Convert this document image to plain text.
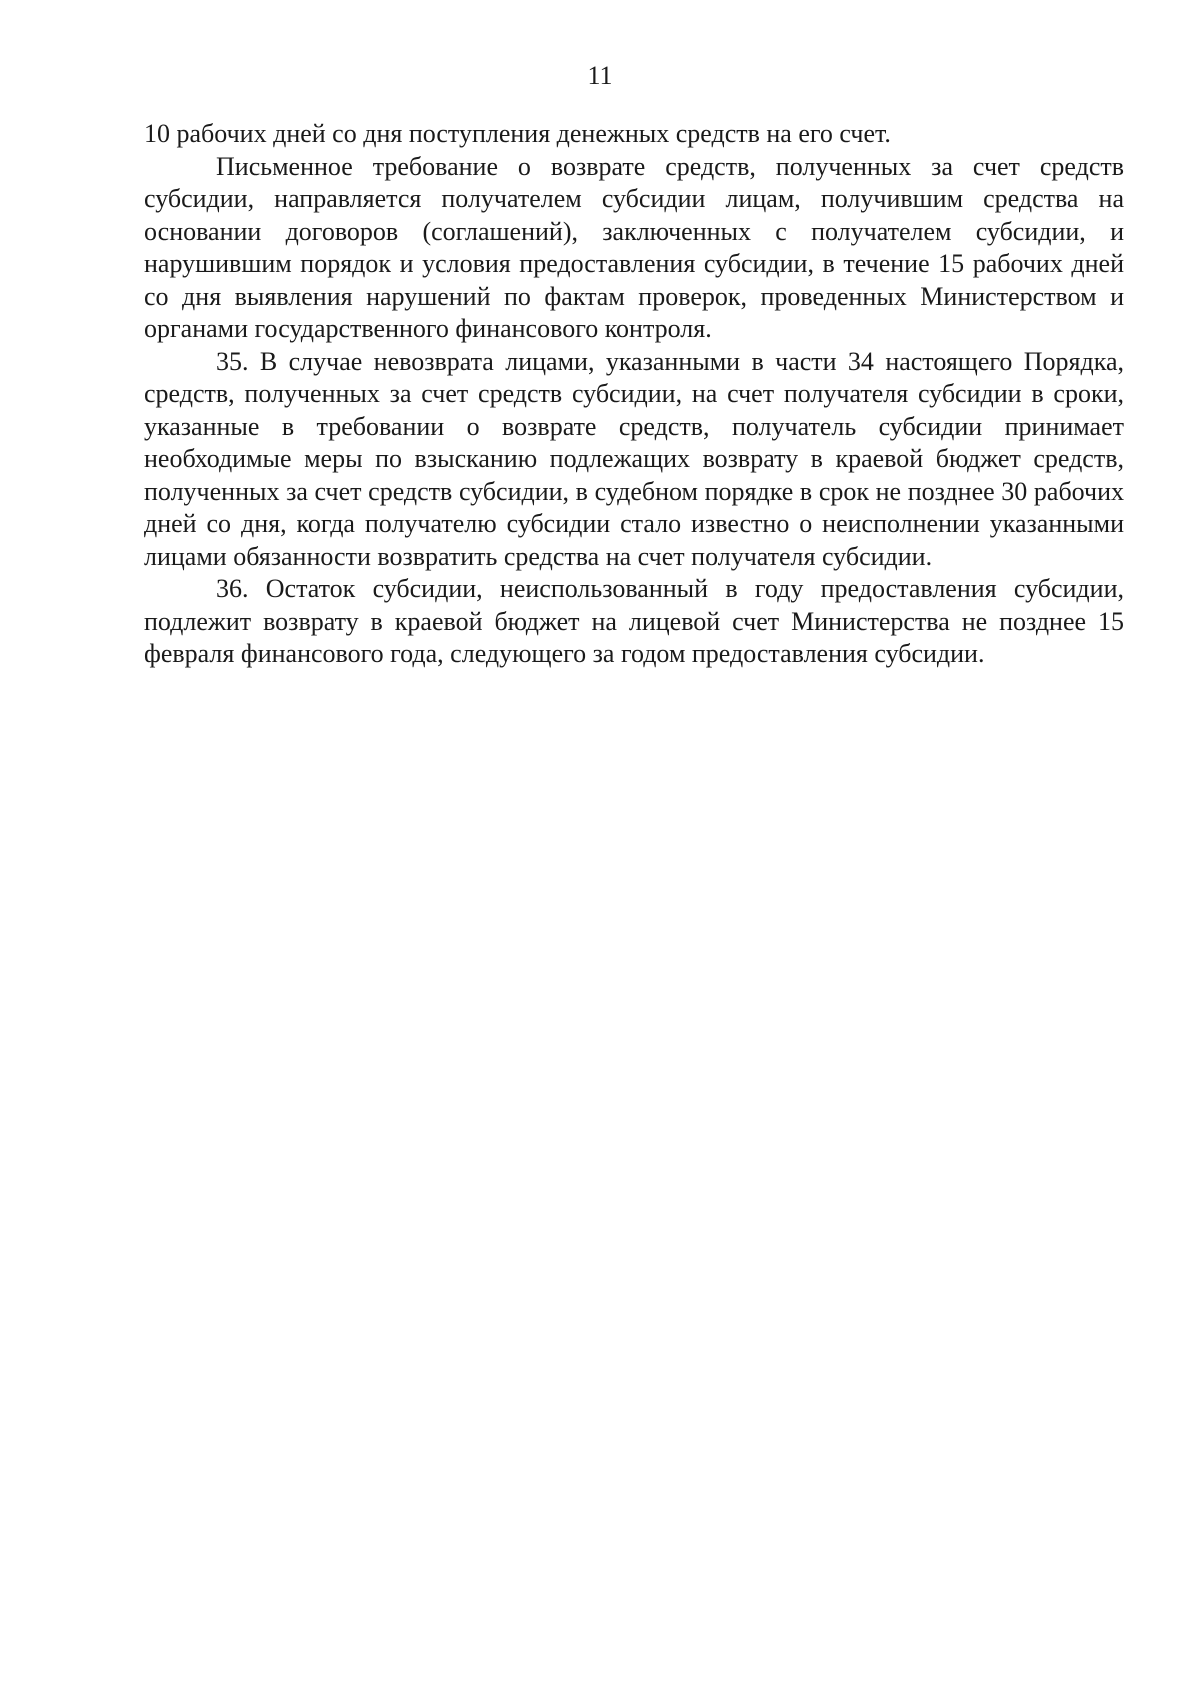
11

10 рабочих дней со дня поступления денежных средств на его счет.

Письменное требование о возврате средств, полученных за счет средств субсидии, направляется получателем субсидии лицам, получившим средства на основании договоров (соглашений), заключенных с получателем субсидии, и нарушившим порядок и условия предоставления субсидии, в течение 15 рабочих дней со дня выявления нарушений по фактам проверок, проведенных Министерством и органами государственного финансового контроля.

35. В случае невозврата лицами, указанными в части 34 настоящего Порядка, средств, полученных за счет средств субсидии, на счет получателя субсидии в сроки, указанные в требовании о возврате средств, получатель субсидии принимает необходимые меры по взысканию подлежащих возврату в краевой бюджет средств, полученных за счет средств субсидии, в судебном порядке в срок не позднее 30 рабочих дней со дня, когда получателю субсидии стало известно о неисполнении указанными лицами обязанности возвратить средства на счет получателя субсидии.

36. Остаток субсидии, неиспользованный в году предоставления субсидии, подлежит возврату в краевой бюджет на лицевой счет Министерства не позднее 15 февраля финансового года, следующего за годом предоставления субсидии.
